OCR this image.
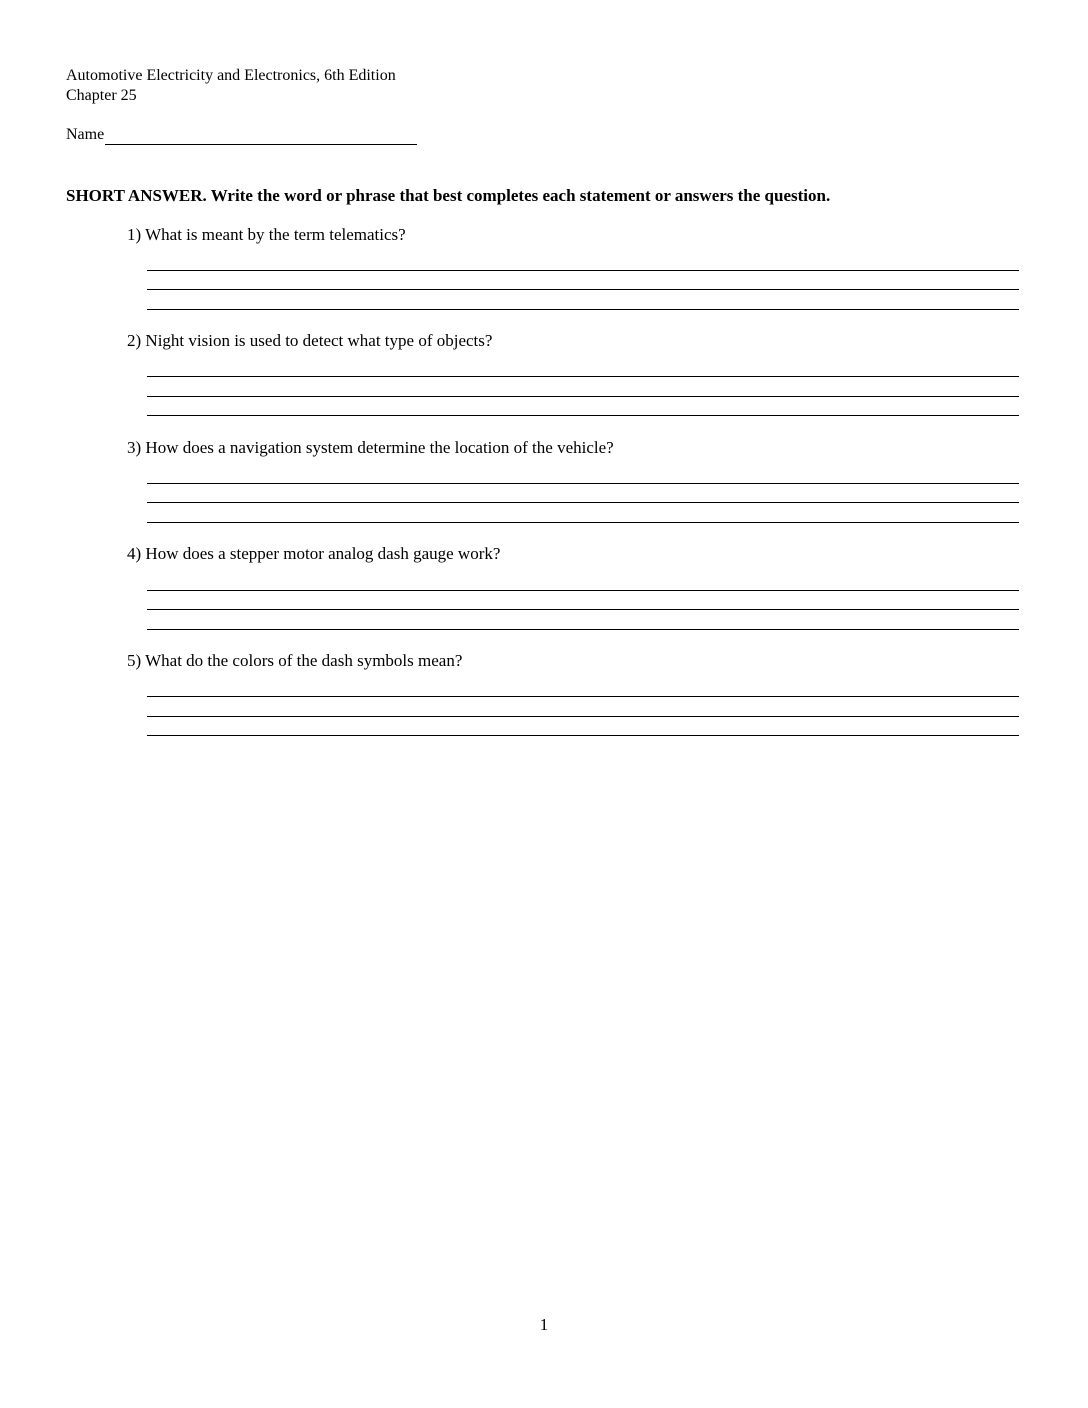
Automotive Electricity and Electronics, 6th Edition
Chapter 25
Name
SHORT ANSWER. Write the word or phrase that best completes each statement or answers the question.
1) What is meant by the term telematics?
2) Night vision is used to detect what type of objects?
3) How does a navigation system determine the location of the vehicle?
4) How does a stepper motor analog dash gauge work?
5) What do the colors of the dash symbols mean?
1
